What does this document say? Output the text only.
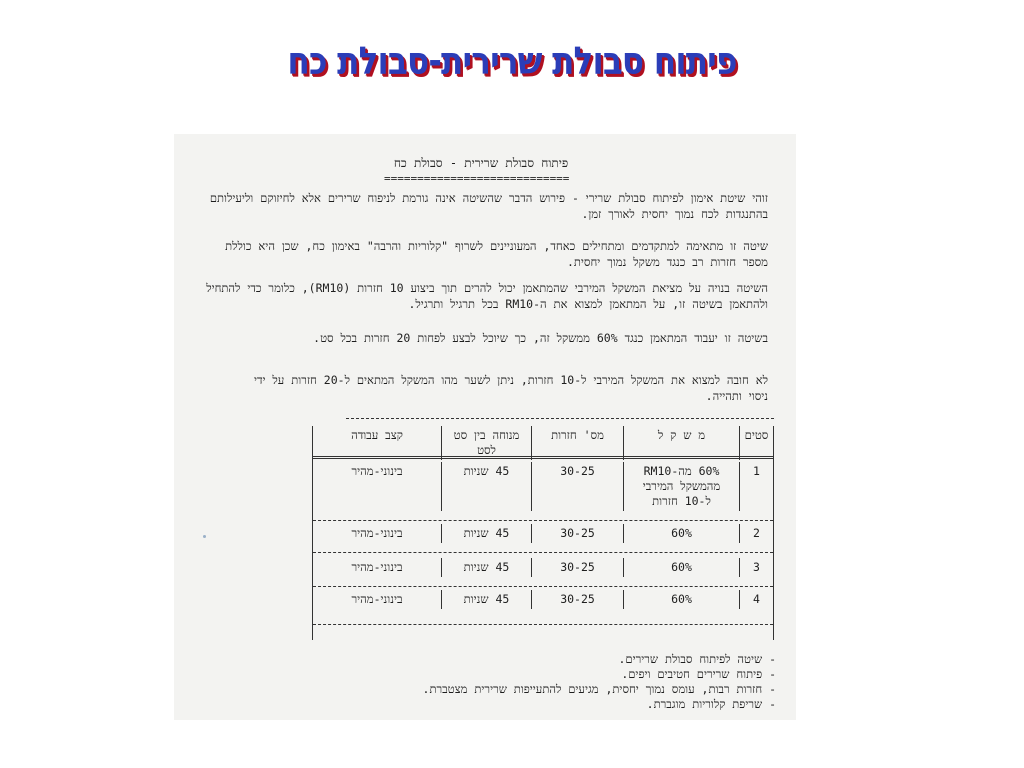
פיתוח סבולת שרירית-סבולת כח
פיתוח סבולת שרירית - סבולת כח
============================
זוהי שיטת אימון לפיתוח סבולת שרירי - פירוש הדבר שהשיטה אינה גורמת לניפוח שרירים אלא לחיזוקם וליעילותם בהתנגדות לכח נמוך יחסית לאורך זמן.
שיטה זו מתאימה למתקדמים ומתחילים כאחד, המעוניינים לשרוף "קלוריות והרבה" באימון כח, שכן היא כוללת מספר חזרות רב כנגד משקל נמוך יחסית.
השיטה בנויה על מציאת המשקל המירבי שהמתאמן יכול להרים תוך ביצוע 10 חזרות (RM10), כלומר כדי להתחיל ולהתאמן בשיטה זו, על המתאמן למצוא את ה-RM10 בכל תרגיל ותרגיל.
בשיטה זו יעבוד המתאמן כנגד 60% ממשקל זה, כך שיוכל לבצע לפחות 20 חזרות בכל סט.
לא חובה למצוא את המשקל המירבי ל-10 חזרות, ניתן לשער מהו המשקל המתאים ל-20 חזרות על ידי ניסוי ותהייה.
סטים
מ ש ק ל
מס' חזרות
מנוחה בין סט לסט
קצב עבודה
1
60% מה-RM10 מהמשקל המירבי ל-10 חזרות
30-25
45 שניות
בינוני-מהיר
2
60%
30-25
45 שניות
בינוני-מהיר
3
60%
30-25
45 שניות
בינוני-מהיר
4
60%
30-25
45 שניות
בינוני-מהיר
- שיטה לפיתוח סבולת שרירים.
- פיתוח שרירים חטיבים ויפים.
- חזרות רבות, עומס נמוך יחסית, מגיעים להתעייפות שרירית מצטברת.
- שריפת קלוריות מוגברת.
